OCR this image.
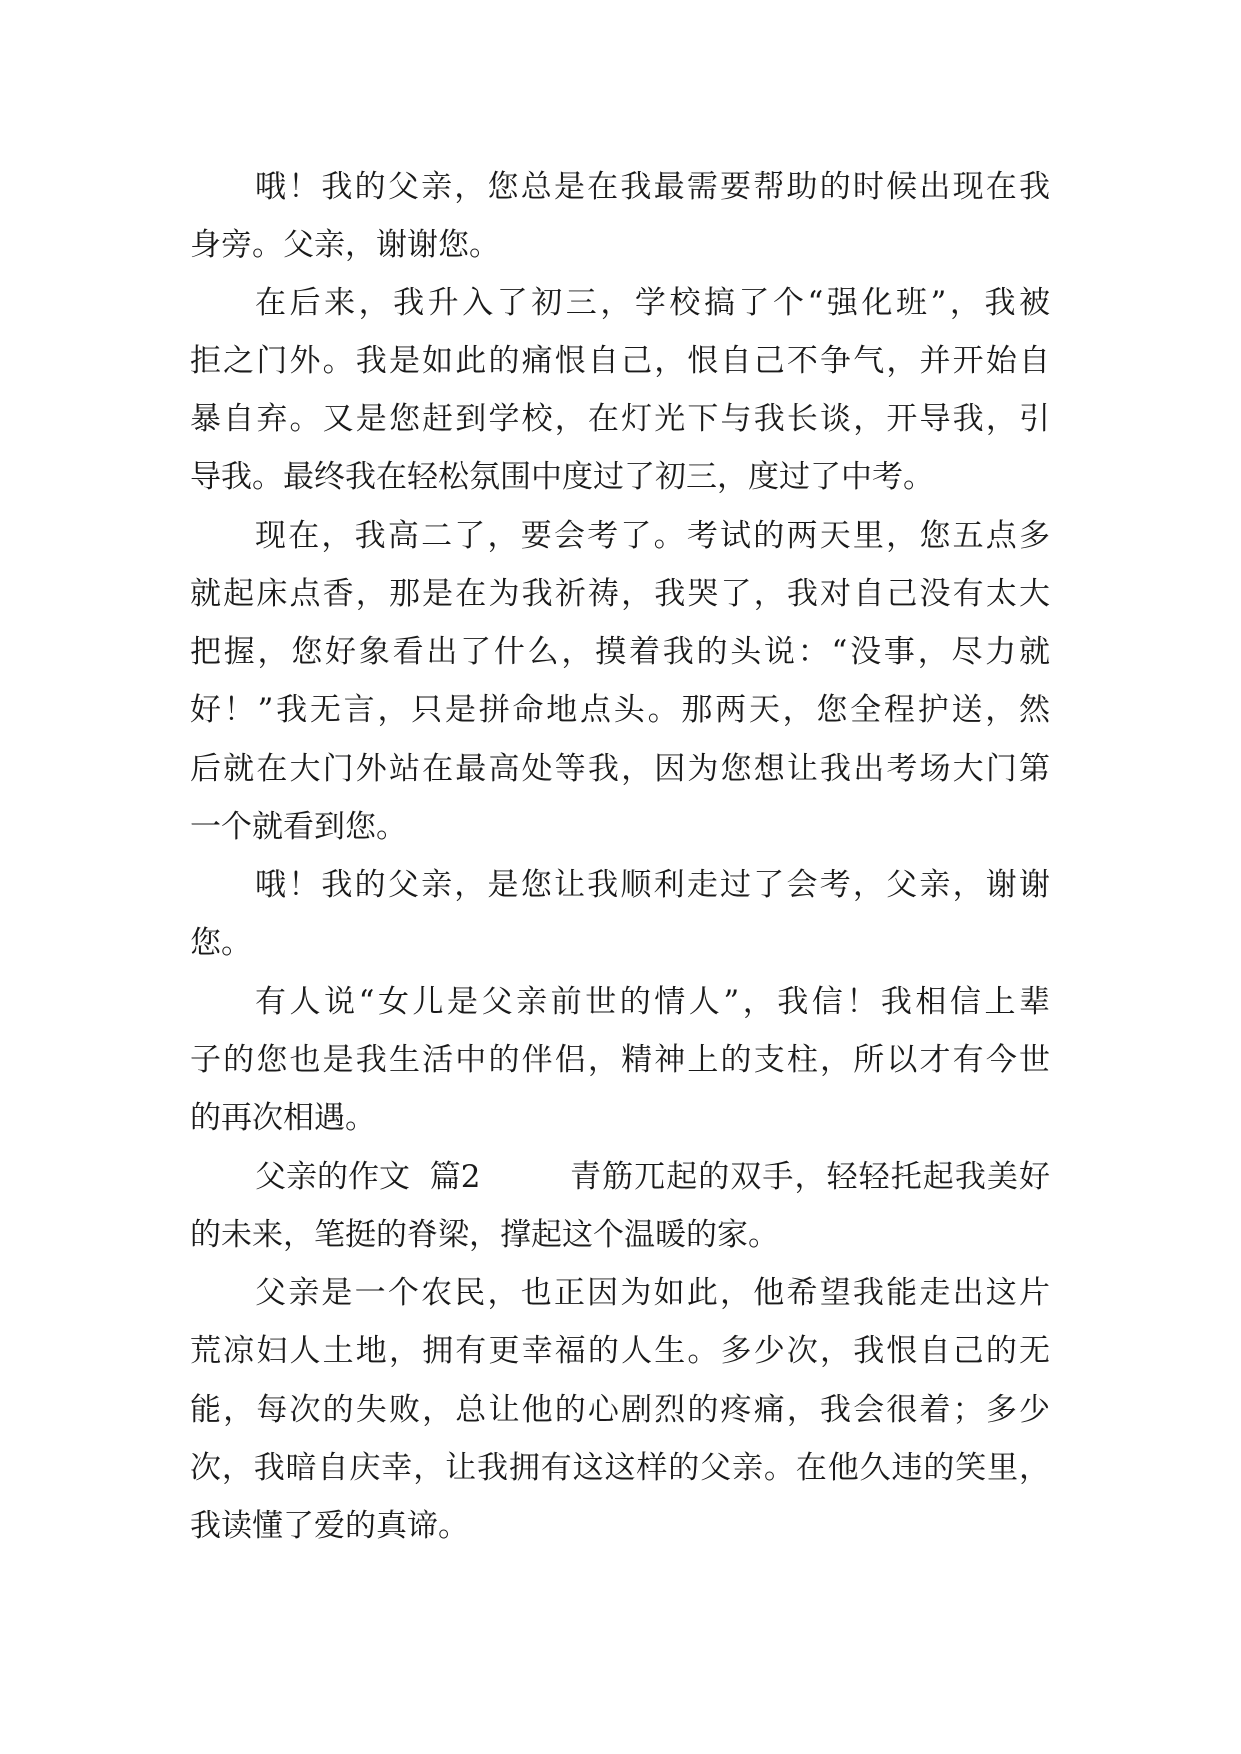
哦！我的父亲，您总是在我最需要帮助的时候出现在我
身旁。父亲，谢谢您。
在后来，我升入了初三，学校搞了个“强化班”，我被
拒之门外。我是如此的痛恨自己，恨自己不争气，并开始自
暴自弃。又是您赶到学校，在灯光下与我长谈，开导我，引
导我。最终我在轻松氛围中度过了初三，度过了中考。
现在，我高二了，要会考了。考试的两天里，您五点多
就起床点香，那是在为我祈祷，我哭了，我对自己没有太大
把握，您好象看出了什么，摸着我的头说：“没事，尽力就
好！”我无言，只是拼命地点头。那两天，您全程护送，然
后就在大门外站在最高处等我，因为您想让我出考场大门第
一个就看到您。
哦！我的父亲，是您让我顺利走过了会考，父亲，谢谢
您。
有人说“女儿是父亲前世的情人”，我信！我相信上辈
子的您也是我生活中的伴侣，精神上的支柱，所以才有今世
的再次相遇。
父亲的作文  篇2	青筋兀起的双手，轻轻托起我美好
的未来，笔挺的脊梁，撑起这个温暖的家。
父亲是一个农民，也正因为如此，他希望我能走出这片
荒凉妇人土地，拥有更幸福的人生。多少次，我恨自己的无
能，每次的失败，总让他的心剧烈的疼痛，我会很着；多少
次，我暗自庆幸，让我拥有这这样的父亲。在他久违的笑里，
我读懂了爱的真谛。
